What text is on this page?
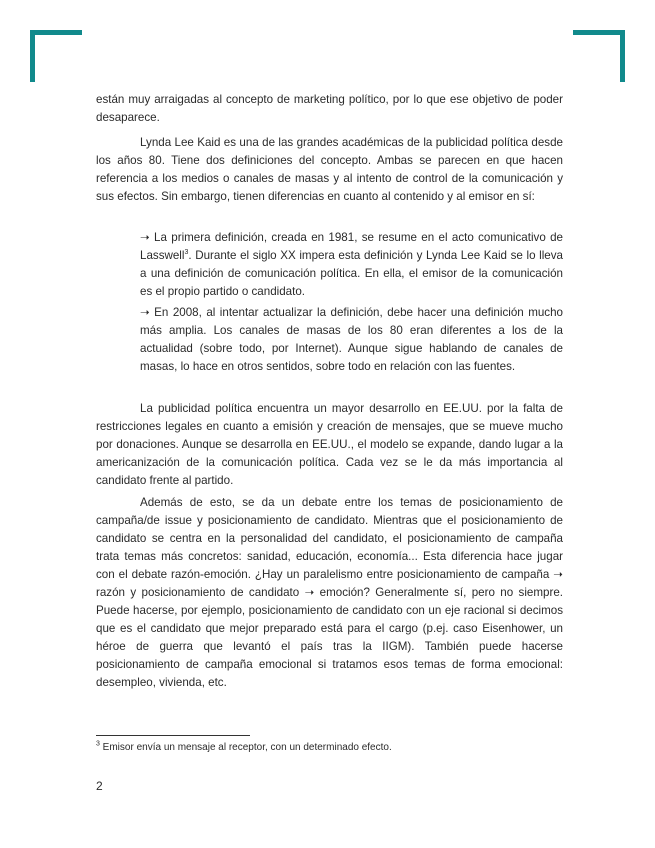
están muy arraigadas al concepto de marketing político, por lo que ese objetivo de poder desaparece.

Lynda Lee Kaid es una de las grandes académicas de la publicidad política desde los años 80. Tiene dos definiciones del concepto. Ambas se parecen en que hacen referencia a los medios o canales de masas y al intento de control de la comunicación y sus efectos. Sin embargo, tienen diferencias en cuanto al contenido y al emisor en sí:

➝ La primera definición, creada en 1981, se resume en el acto comunicativo de Lasswell$^3$. Durante el siglo XX impera esta definición y Lynda Lee Kaid se lo lleva a una definición de comunicación política. En ella, el emisor de la comunicación es el propio partido o candidato.

➝ En 2008, al intentar actualizar la definición, debe hacer una definición mucho más amplia. Los canales de masas de los 80 eran diferentes a los de la actualidad (sobre todo, por Internet). Aunque sigue hablando de canales de masas, lo hace en otros sentidos, sobre todo en relación con las fuentes.

La publicidad política encuentra un mayor desarrollo en EE.UU. por la falta de restricciones legales en cuanto a emisión y creación de mensajes, que se mueve mucho por donaciones. Aunque se desarrolla en EE.UU., el modelo se expande, dando lugar a la americanización de la comunicación política. Cada vez se le da más importancia al candidato frente al partido.

Además de esto, se da un debate entre los temas de posicionamiento de campaña/de issue y posicionamiento de candidato. Mientras que el posicionamiento de candidato se centra en la personalidad del candidato, el posicionamiento de campaña trata temas más concretos: sanidad, educación, economía... Esta diferencia hace jugar con el debate razón-emoción. ¿Hay un paralelismo entre posicionamiento de campaña ➝ razón y posicionamiento de candidato ➝ emoción? Generalmente sí, pero no siempre. Puede hacerse, por ejemplo, posicionamiento de candidato con un eje racional si decimos que es el candidato que mejor preparado está para el cargo (p.ej. caso Eisenhower, un héroe de guerra que levantó el país tras la IIGM). También puede hacerse posicionamiento de campaña emocional si tratamos esos temas de forma emocional: desempleo, vivienda, etc.

$^3$ Emisor envía un mensaje al receptor, con un determinado efecto.
2
